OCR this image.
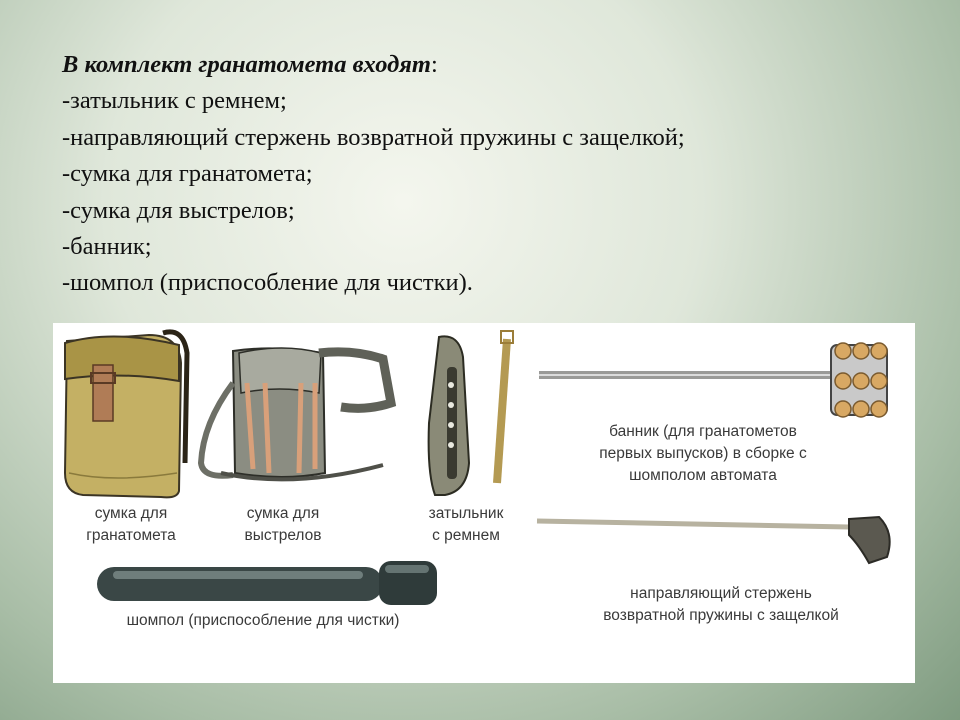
В комплект гранатомета входят:
-затыльник с ремнем;
-направляющий стержень возвратной пружины с защелкой;
-сумка для гранатомета;
-сумка для выстрелов;
-банник;
-шомпол (приспособление для чистки).
сумка для
гранатомета
сумка для
выстрелов
затыльник
с ремнем
банник (для гранатометов
первых выпусков) в сборке с
шомполом автомата
направляющий стержень
возвратной пружины с защелкой
шомпол (приспособление для чистки)
